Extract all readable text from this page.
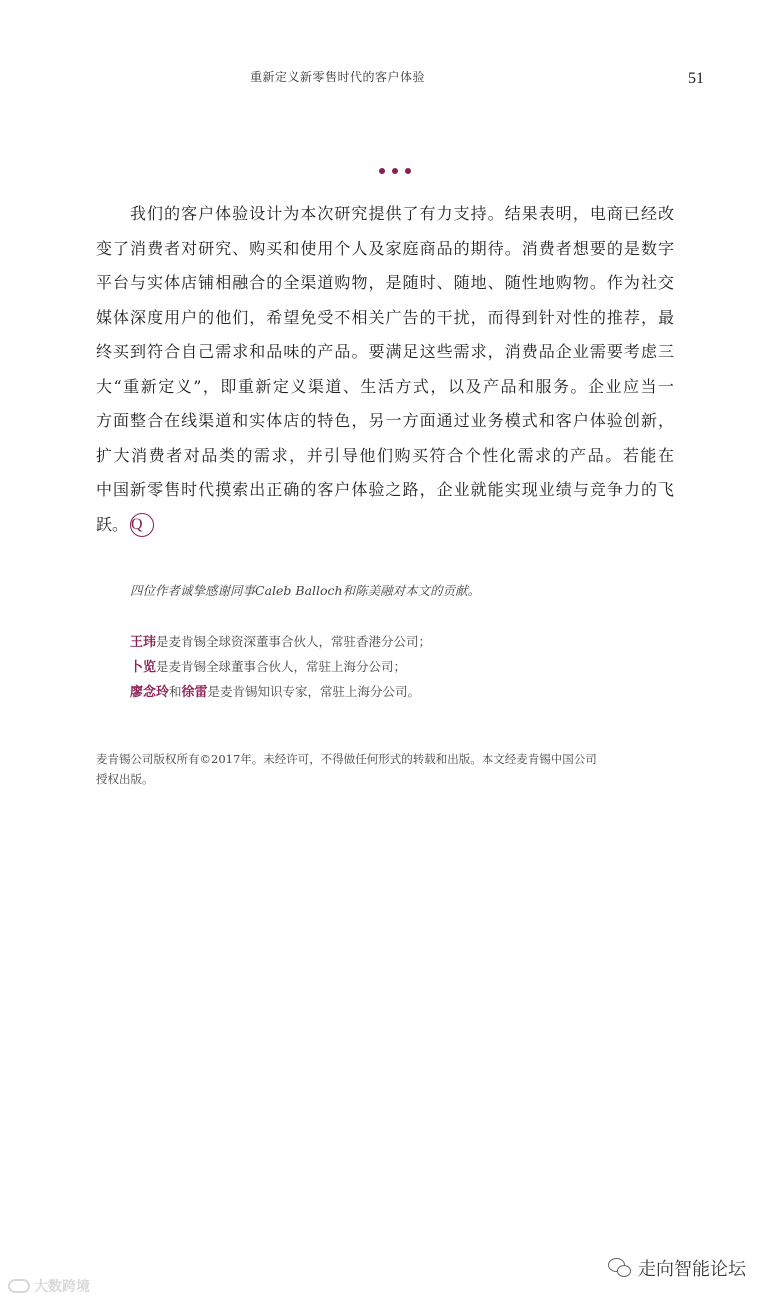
重新定义新零售时代的客户体验	51
我们的客户体验设计为本次研究提供了有力支持。结果表明，电商已经改
变了消费者对研究、购买和使用个人及家庭商品的期待。消费者想要的是数字
平台与实体店铺相融合的全渠道购物，是随时、随地、随性地购物。作为社交
媒体深度用户的他们，希望免受不相关广告的干扰，而得到针对性的推荐，最
终买到符合自己需求和品味的产品。要满足这些需求，消费品企业需要考虑三
大“重新定义”，即重新定义渠道、生活方式，以及产品和服务。企业应当一
方面整合在线渠道和实体店的特色，另一方面通过业务模式和客户体验创新，
扩大消费者对品类的需求，并引导他们购买符合个性化需求的产品。若能在
中国新零售时代摸索出正确的客户体验之路，企业就能实现业绩与竞争力的飞
跃。 Q
四位作者诚挚感谢同事Caleb Balloch和陈美融对本文的贡献。
王玮是麦肯锡全球资深董事合伙人，常驻香港分公司；
卜览是麦肯锡全球董事合伙人，常驻上海分公司；
廖念玲和徐雷是麦肯锡知识专家，常驻上海分公司。
麦肯锡公司版权所有©2017年。未经许可，不得做任何形式的转载和出版。本文经麦肯锡中国公司
授权出版。
走向智能论坛
大数跨境
